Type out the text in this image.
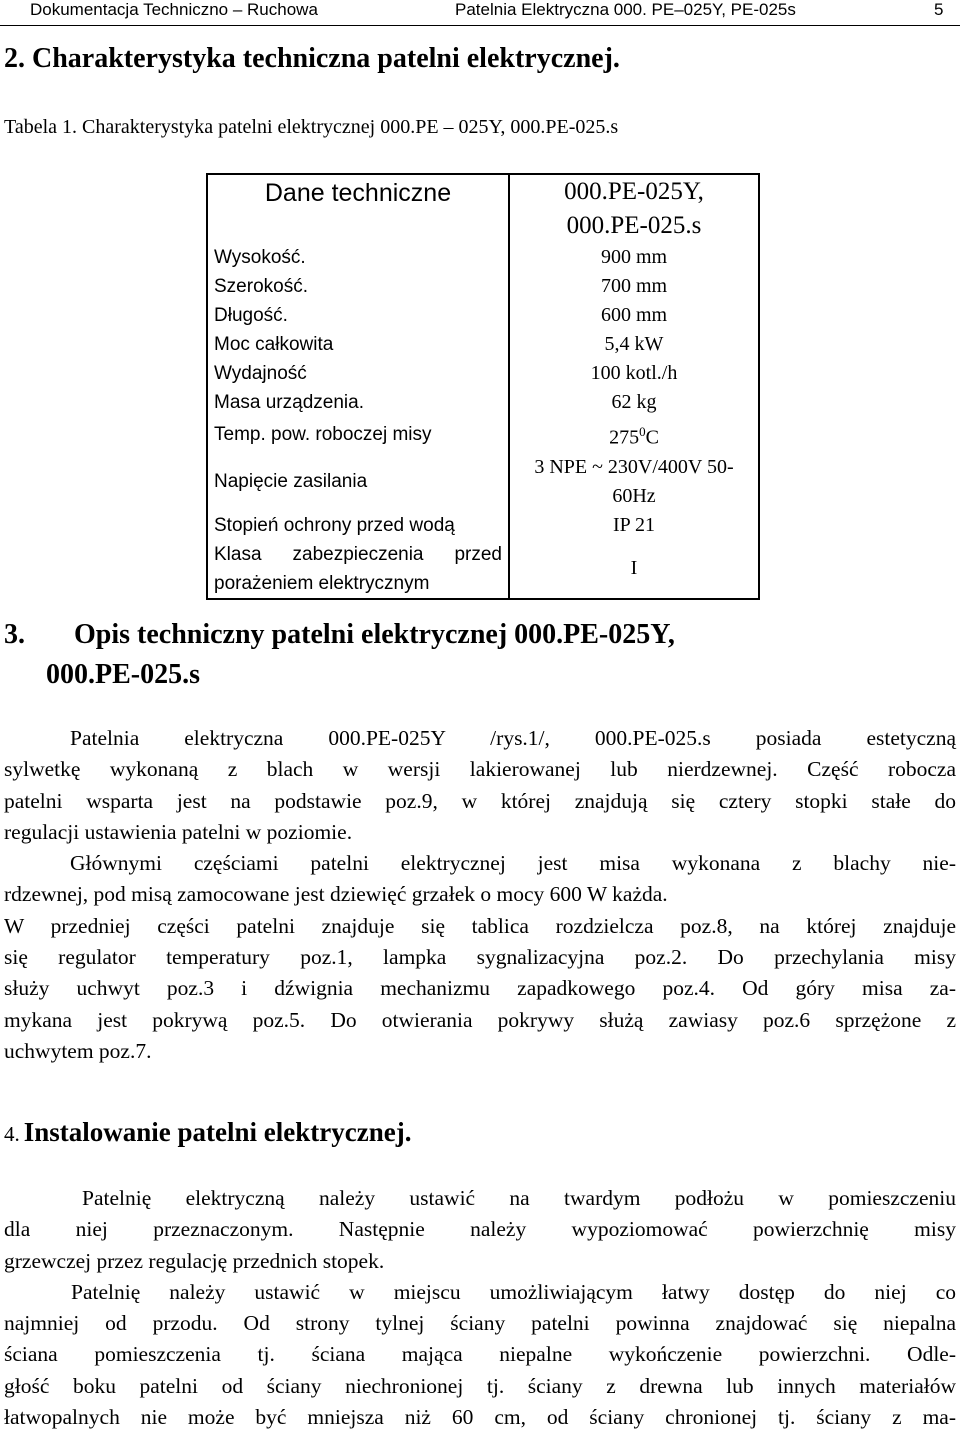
Dokumentacja Techniczno – Ruchowa	Patelnia Elektryczna 000. PE–025Y, PE-025s	5
2. Charakterystyka techniczna patelni elektrycznej.

Tabela 1. Charakterystyka patelni elektrycznej 000.PE – 025Y, 000.PE-025.s

Dane techniczne	000.PE-025Y,
000.PE-025.s

Wysokość.	900 mm
Szerokość.	700 mm
Długość.	600 mm
Moc całkowita	5,4 kW
Wydajność	100 kotl./h
Masa urządzenia.	62 kg
Temp. pow. roboczej misy	$275^0C$
Napięcie zasilania	3 NPE ~ 230V/400V 50-
60Hz

Stopień ochrony przed wodą	IP 21

Klasa zabezpieczenia przed
porażeniem elektrycznym	I
3. Opis techniczny patelni elektrycznej 000.PE-025Y,
000.PE-025.s
Patelnia elektryczna 000.PE-025Y /rys.1/, 000.PE-025.s posiada estetyczną
sylwetkę wykonaną z blach w wersji lakierowanej lub nierdzewnej. Część robocza
patelni wsparta jest na podstawie poz.9, w której znajdują się cztery stopki stałe do
regulacji ustawienia patelni w poziomie.
Głównymi częściami patelni elektrycznej jest misa wykonana z blachy nie-
rdzewnej, pod misą zamocowane jest dziewięć grzałek o mocy 600 W każda.
W przedniej części patelni znajduje się tablica rozdzielcza poz.8, na której znajduje
się regulator temperatury poz.1, lampka sygnalizacyjna poz.2. Do przechylania misy
służy uchwyt poz.3 i dźwignia mechanizmu zapadkowego poz.4. Od góry misa za-
mykana jest pokrywą poz.5. Do otwierania pokrywy służą zawiasy poz.6 sprzężone z
uchwytem poz.7.
4. Instalowanie patelni elektrycznej.
Patelnię elektryczną należy ustawić na twardym podłożu w pomieszczeniu
dla niej przeznaczonym. Następnie należy wypoziomować powierzchnię misy
grzewczej przez regulację przednich stopek.
Patelnię należy ustawić w miejscu umożliwiającym łatwy dostęp do niej co
najmniej od przodu. Od strony tylnej ściany patelni powinna znajdować się niepalna
ściana pomieszczenia tj. ściana mająca niepalne wykończenie powierzchni. Odle-
głość boku patelni od ściany niechronionej tj. ściany z drewna lub innych materiałów
łatwopalnych nie może być mniejsza niż 60 cm, od ściany chronionej tj. ściany z ma-
